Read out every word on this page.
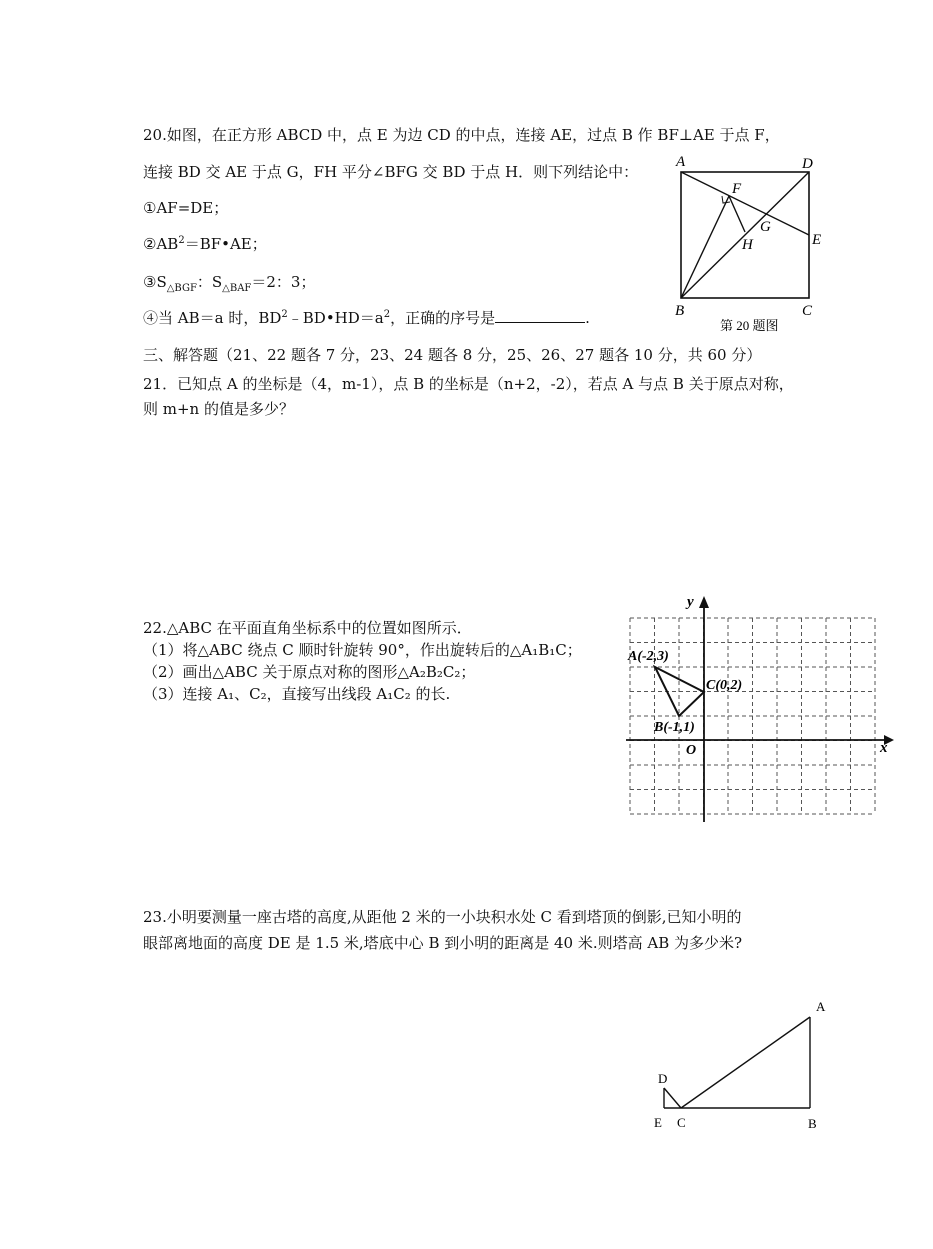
20.如图，在正方形 ABCD 中，点 E 为边 CD 的中点，连接 AE，过点 B 作 BF⊥AE 于点 F，
连接 BD 交 AE 于点 G，FH 平分∠BFG 交 BD 于点 H．则下列结论中：
①AF=DE；
$②AB^2=BF•AE$；
$③S_{\triangle BGF}$：$S_{\triangle BAF}=2$：3；
④当 AB＝a 时，$BD^2﹣BD•HD=a^2$，正确的序号是	.
A	D
B	C
E
F
G
H
第 20 题图
三、解答题（21、22 题各 7 分，23、24 题各 8 分，25、26、27 题各 10 分，共 60 分）
21．已知点 A 的坐标是（4，m-1），点 B 的坐标是（n+2，-2），若点 A 与点 B 关于原点对称，
则 m+n 的值是多少？
22.△ABC 在平面直角坐标系中的位置如图所示．
（1）将△ABC 绕点 C 顺时针旋转 90°，作出旋转后的△A₁B₁C；
（2）画出△ABC 关于原点对称的图形△A₂B₂C₂；
（3）连接 A₁、C₂，直接写出线段 A₁C₂ 的长.
y
x
O
A(-2,3)
B(-1,1)
C(0,2)
23.小明要测量一座古塔的高度,从距他 2 米的一小块积水处 C 看到塔顶的倒影,已知小明的
眼部离地面的高度 DE 是 1.5 米,塔底中心 B 到小明的距离是 40 米.则塔高 AB 为多少米?
A
B
C
D
E
